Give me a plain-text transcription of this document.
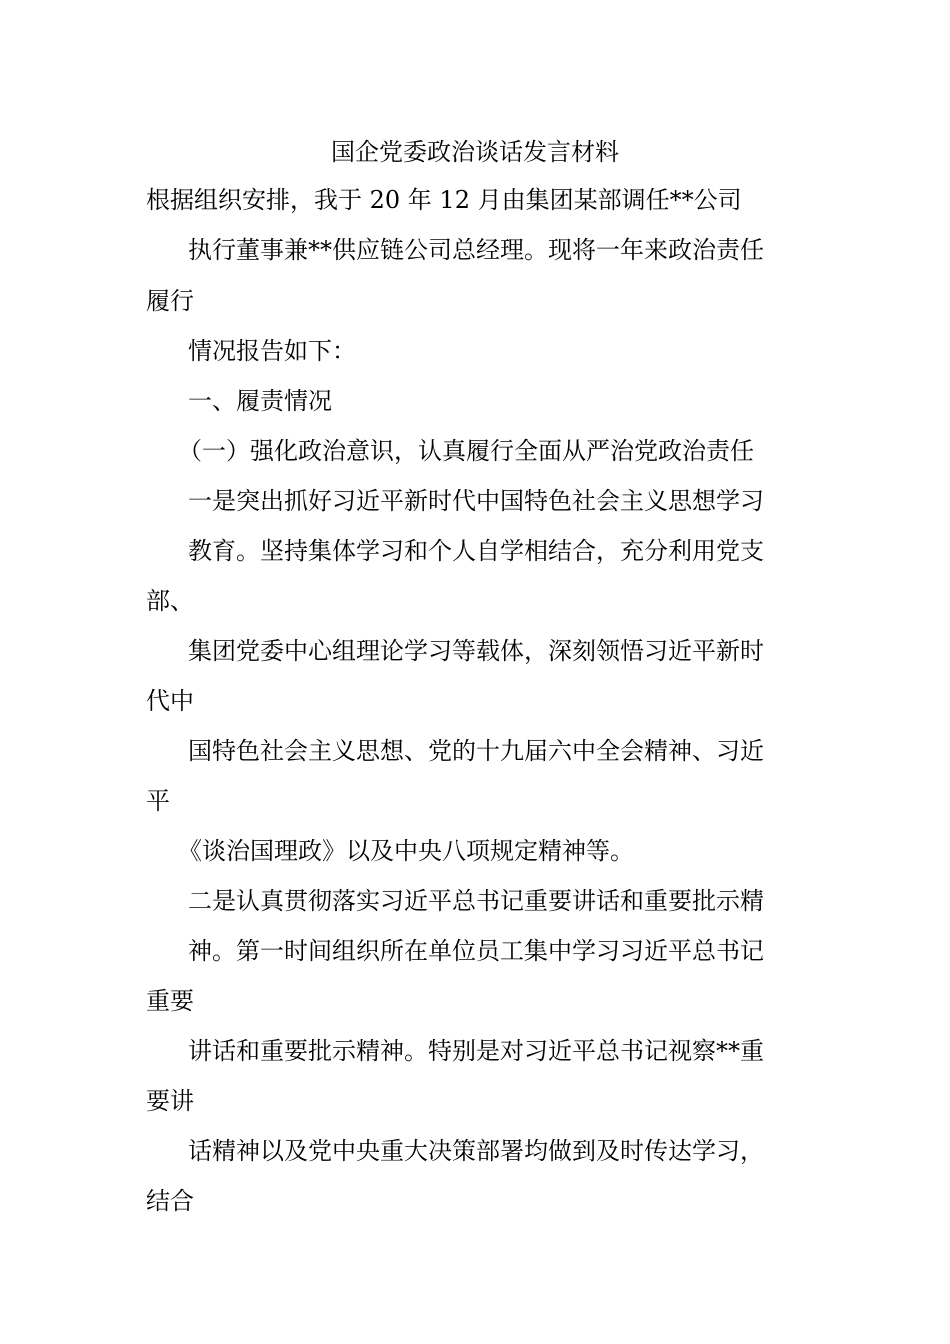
国企党委政治谈话发言材料
根据组织安排，我于 20 年 12 月由集团某部调任**公司
执行董事兼**供应链公司总经理。现将一年来政治责任
履行
情况报告如下：
一、履责情况
（一）强化政治意识，认真履行全面从严治党政治责任
一是突出抓好习近平新时代中国特色社会主义思想学习
教育。坚持集体学习和个人自学相结合，充分利用党支
部、
集团党委中心组理论学习等载体，深刻领悟习近平新时
代中
国特色社会主义思想、党的十九届六中全会精神、习近
平
《谈治国理政》以及中央八项规定精神等。
二是认真贯彻落实习近平总书记重要讲话和重要批示精
神。第一时间组织所在单位员工集中学习习近平总书记
重要
讲话和重要批示精神。特别是对习近平总书记视察**重
要讲
话精神以及党中央重大决策部署均做到及时传达学习，
结合
